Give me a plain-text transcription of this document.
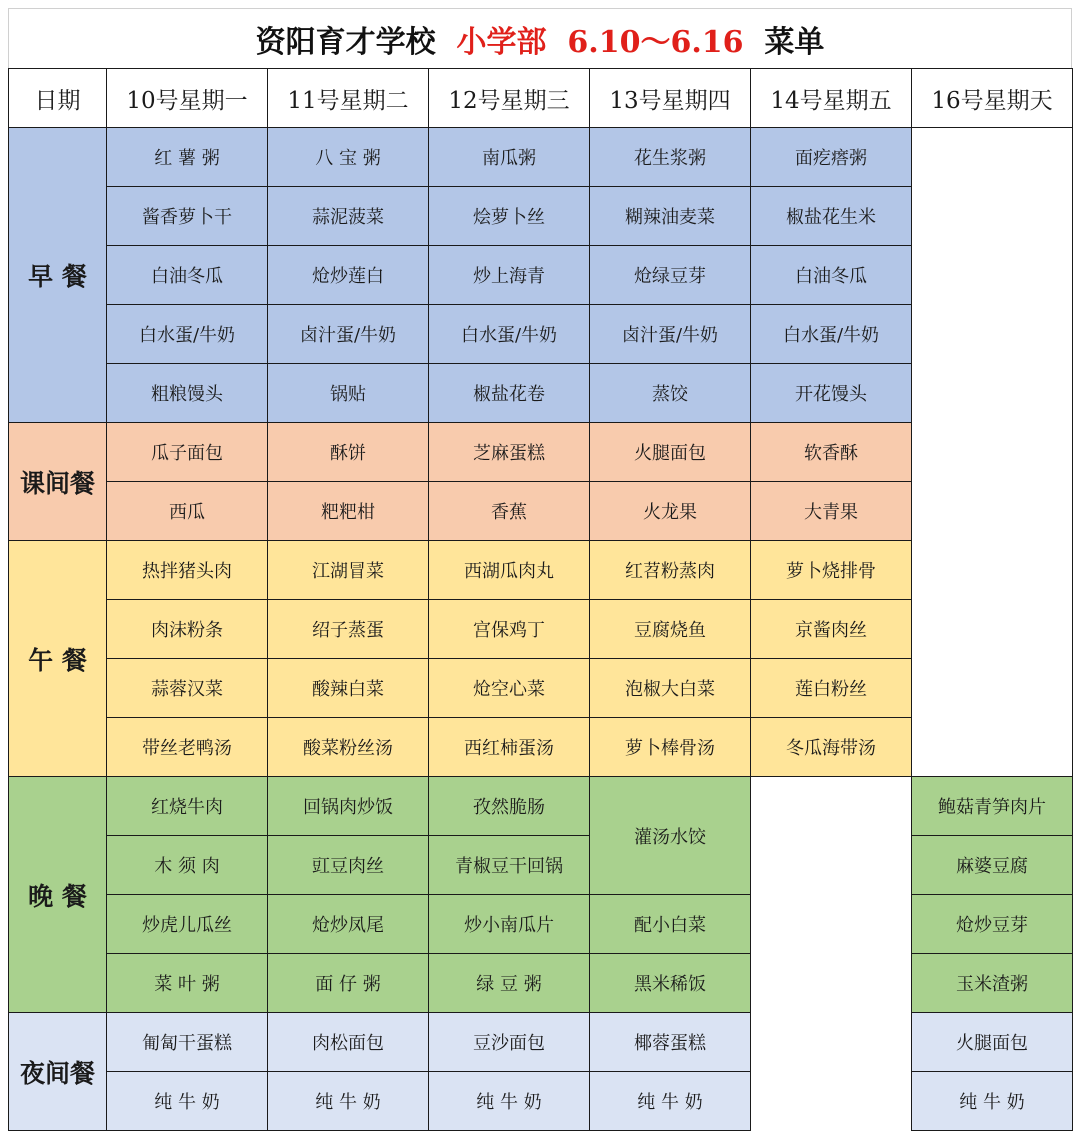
资阳育才学校
小学部
6.10～6.16
菜单
日期	10号星期一	11号星期二	12号星期三	13号星期四	14号星期五	16号星期天
早 餐	红 薯 粥	八 宝 粥	南瓜粥	花生浆粥	面疙瘩粥	
	酱香萝卜干	蒜泥菠菜	烩萝卜丝	糊辣油麦菜	椒盐花生米	
	白油冬瓜	炝炒莲白	炒上海青	炝绿豆芽	白油冬瓜	
	白水蛋/牛奶	卤汁蛋/牛奶	白水蛋/牛奶	卤汁蛋/牛奶	白水蛋/牛奶	
	粗粮馒头	锅贴	椒盐花卷	蒸饺	开花馒头	
课间餐	瓜子面包	酥饼	芝麻蛋糕	火腿面包	软香酥	
	西瓜	粑粑柑	香蕉	火龙果	大青果	
午 餐	热拌猪头肉	江湖冒菜	西湖瓜肉丸	红苕粉蒸肉	萝卜烧排骨	
	肉沫粉条	绍子蒸蛋	宫保鸡丁	豆腐烧鱼	京酱肉丝	
	蒜蓉汉菜	酸辣白菜	炝空心菜	泡椒大白菜	莲白粉丝	
	带丝老鸭汤	酸菜粉丝汤	西红柿蛋汤	萝卜棒骨汤	冬瓜海带汤	
晚 餐	红烧牛肉	回锅肉炒饭	孜然脆肠	灌汤水饺		鲍菇青笋肉片
	木 须 肉	豇豆肉丝	青椒豆干回锅			麻婆豆腐
	炒虎儿瓜丝	炝炒凤尾	炒小南瓜片	配小白菜		炝炒豆芽
	菜 叶 粥	面 仔 粥	绿 豆 粥	黑米稀饭		玉米渣粥
夜间餐	匍匐干蛋糕	肉松面包	豆沙面包	椰蓉蛋糕		火腿面包
	纯 牛 奶	纯 牛 奶	纯 牛 奶	纯 牛 奶		纯 牛 奶
